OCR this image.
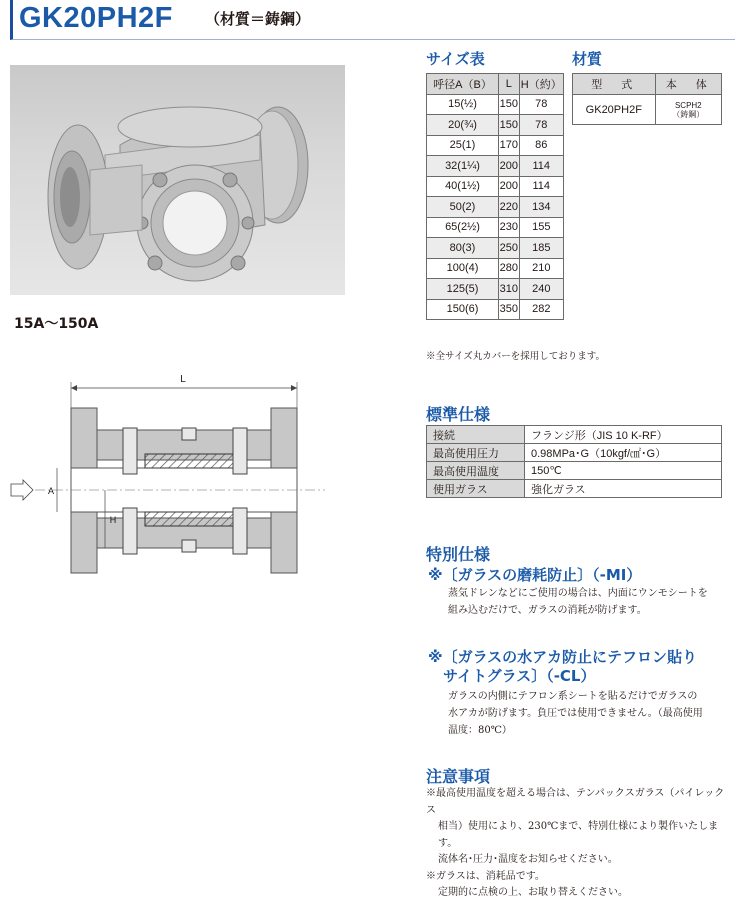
GK20PH2F （材質＝鋳鋼）
15A〜150A
L
A
H
サイズ表
呼径A（B）	L	H（約）
15(½)	150	78
20(¾)	150	78
25(1)	170	86
32(1¼)	200	114
40(1½)	200	114
50(2)	220	134
65(2½)	230	155
80(3)	250	185
100(4)	280	210
125(5)	310	240
150(6)	350	282
※全サイズ丸カバーを採用しております。
材質
型　式	本　体
GK20PH2F	SCPH2
（鋳鋼）
標準仕様
接続	フランジ形（JIS 10 K-RF）
最高使用圧力	0.98MPa･G（10kgf/㎠･G）
最高使用温度	150℃
使用ガラス	強化ガラス
特別仕様
※〔ガラスの磨耗防止〕（-MI）
蒸気ドレンなどにご使用の場合は、内面にウンモシートを
組み込むだけで、ガラスの消耗が防げます。
※〔ガラスの水アカ防止にテフロン貼り
　サイトグラス〕（-CL）
ガラスの内側にテフロン系シートを貼るだけでガラスの
水アカが防げます。負圧では使用できません。（最高使用
温度：80℃）
注意事項
※最高使用温度を超える場合は、テンパックスガラス（パイレックス
相当）使用により、230℃まで、特別仕様により製作いたします。
流体名･圧力･温度をお知らせください。
※ガラスは、消耗品です。
定期的に点検の上、お取り替えください。
